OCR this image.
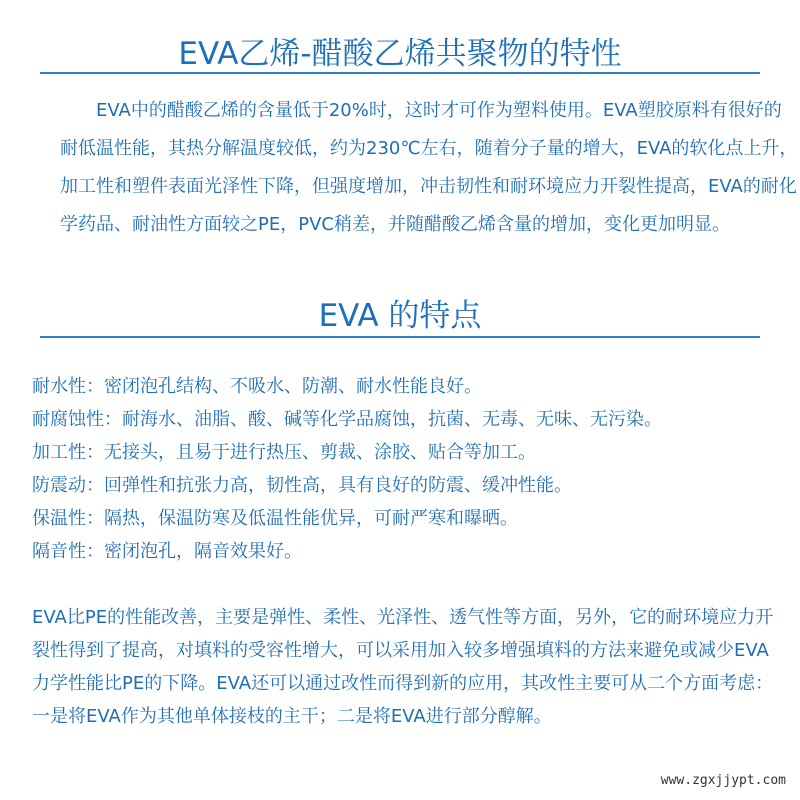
EVA乙烯-醋酸乙烯共聚物的特性

EVA中的醋酸乙烯的含量低于20%时，这时才可作为塑料使用。EVA塑胶原料有很好的
耐低温性能，其热分解温度较低，约为230℃左右，随着分子量的增大，EVA的软化点上升，
加工性和塑件表面光泽性下降，但强度增加，冲击韧性和耐环境应力开裂性提高，EVA的耐化
学药品、耐油性方面较之PE，PVC稍差，并随醋酸乙烯含量的增加，变化更加明显。

EVA 的特点
耐水性：密闭泡孔结构、不吸水、防潮、耐水性能良好。
耐腐蚀性：耐海水、油脂、酸、碱等化学品腐蚀，抗菌、无毒、无味、无污染。
加工性：无接头，且易于进行热压、剪裁、涂胶、贴合等加工。
防震动：回弹性和抗张力高，韧性高，具有良好的防震、缓冲性能。
保温性：隔热，保温防寒及低温性能优异，可耐严寒和曝晒。
隔音性：密闭泡孔，隔音效果好。

EVA比PE的性能改善，主要是弹性、柔性、光泽性、透气性等方面，另外，它的耐环境应力开
裂性得到了提高，对填料的受容性增大，可以采用加入较多增强填料的方法来避免或减少EVA
力学性能比PE的下降。EVA还可以通过改性而得到新的应用，其改性主要可从二个方面考虑：
一是将EVA作为其他单体接枝的主干；二是将EVA进行部分醇解。

www.zgxjjypt.com
